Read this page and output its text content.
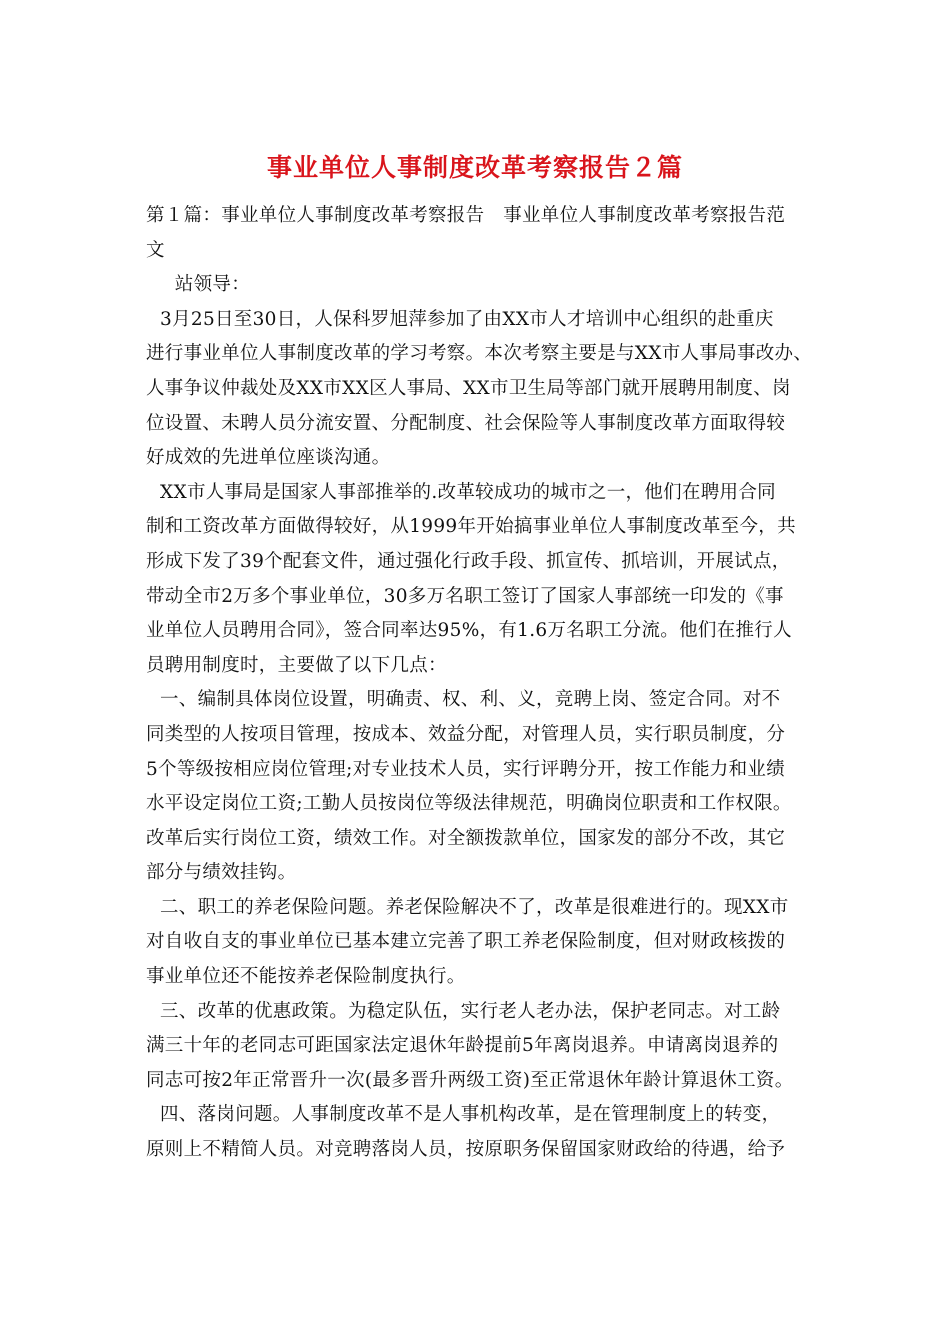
事业单位人事制度改革考察报告２篇
第１篇：事业单位人事制度改革考察报告　事业单位人事制度改革考察报告范
文
　站领导：
3月25日至30日，人保科罗旭萍参加了由XX市人才培训中心组织的赴重庆
进行事业单位人事制度改革的学习考察。本次考察主要是与XX市人事局事改办、
人事争议仲裁处及XX市XX区人事局、XX市卫生局等部门就开展聘用制度、岗
位设置、未聘人员分流安置、分配制度、社会保险等人事制度改革方面取得较
好成效的先进单位座谈沟通。
XX市人事局是国家人事部推举的.改革较成功的城市之一，他们在聘用合同
制和工资改革方面做得较好，从1999年开始搞事业单位人事制度改革至今，共
形成下发了39个配套文件，通过强化行政手段、抓宣传、抓培训，开展试点，
带动全市2万多个事业单位，30多万名职工签订了国家人事部统一印发的《事
业单位人员聘用合同》，签合同率达95%，有1.6万名职工分流。他们在推行人
员聘用制度时，主要做了以下几点：
一、编制具体岗位设置，明确责、权、利、义，竞聘上岗、签定合同。对不
同类型的人按项目管理，按成本、效益分配，对管理人员，实行职员制度，分
5个等级按相应岗位管理;对专业技术人员，实行评聘分开，按工作能力和业绩
水平设定岗位工资;工勤人员按岗位等级法律规范，明确岗位职责和工作权限。
改革后实行岗位工资，绩效工作。对全额拨款单位，国家发的部分不改，其它
部分与绩效挂钩。
二、职工的养老保险问题。养老保险解决不了，改革是很难进行的。现XX市
对自收自支的事业单位已基本建立完善了职工养老保险制度，但对财政核拨的
事业单位还不能按养老保险制度执行。
三、改革的优惠政策。为稳定队伍，实行老人老办法，保护老同志。对工龄
满三十年的老同志可距国家法定退休年龄提前5年离岗退养。申请离岗退养的
同志可按2年正常晋升一次(最多晋升两级工资)至正常退休年龄计算退休工资。
四、落岗问题。人事制度改革不是人事机构改革，是在管理制度上的转变，
原则上不精简人员。对竞聘落岗人员，按原职务保留国家财政给的待遇，给予
